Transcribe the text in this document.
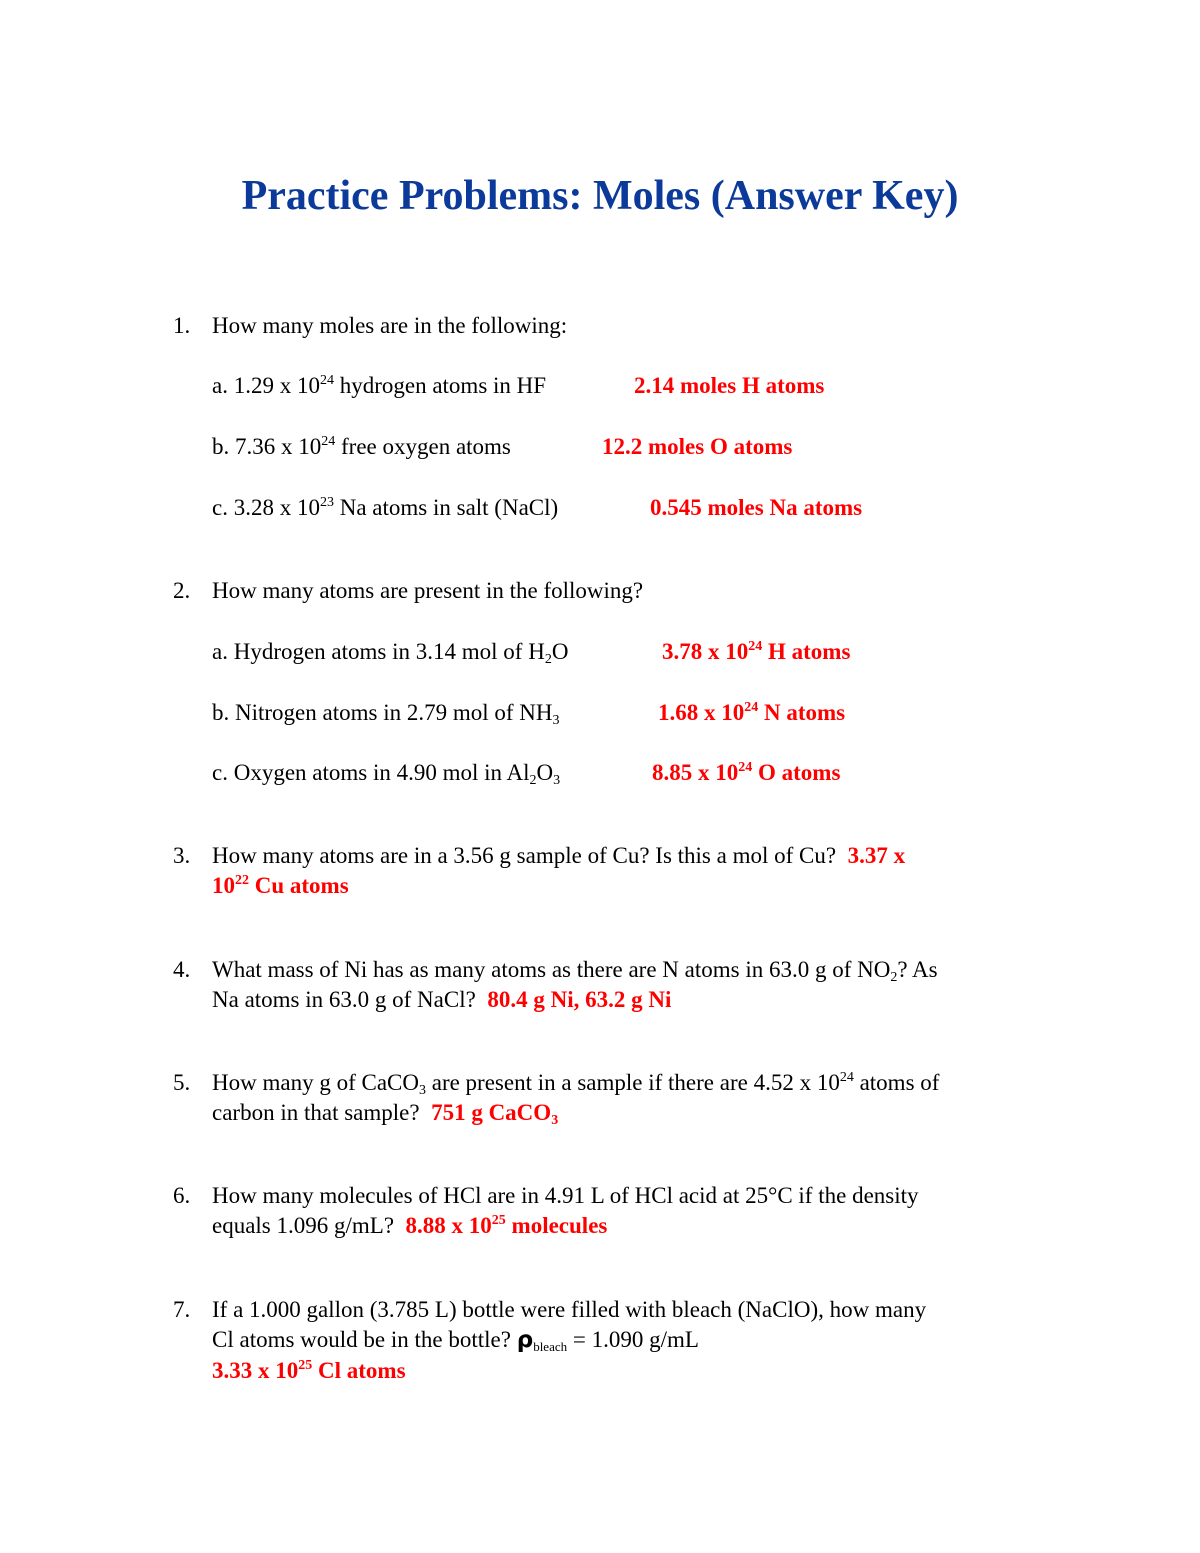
Practice Problems: Moles (Answer Key)
1. How many moles are in the following:
a. 1.29 x $10^{24}$ hydrogen atoms in HF	2.14 moles H atoms
b. 7.36 x $10^{24}$ free oxygen atoms	12.2 moles O atoms
c. 3.28 x $10^{23}$ Na atoms in salt (NaCl)	0.545 moles Na atoms
2. How many atoms are present in the following?
a. Hydrogen atoms in 3.14 mol of $H_2O$	3.78 x $10^{24}$ H atoms
b. Nitrogen atoms in 2.79 mol of $NH_3$	1.68 x $10^{24}$ N atoms
c. Oxygen atoms in 4.90 mol in $Al_2O_3$	8.85 x $10^{24}$ O atoms
3. How many atoms are in a 3.56 g sample of Cu? Is this a mol of Cu? 3.37 x
$10^{22}$ Cu atoms
4. What mass of Ni has as many atoms as there are N atoms in 63.0 g of $NO_2$? As
Na atoms in 63.0 g of NaCl? 80.4 g Ni, 63.2 g Ni
5. How many g of CaCO$_3$ are present in a sample if there are 4.52 x $10^{24}$ atoms of
carbon in that sample? 751 g CaCO$_3$
6. How many molecules of HCl are in 4.91 L of HCl acid at 25°C if the density
equals 1.096 g/mL? 8.88 x $10^{25}$ molecules
7. If a 1.000 gallon (3.785 L) bottle were filled with bleach (NaClO), how many
Cl atoms would be in the bottle? ρbleach = 1.090 g/mL
3.33 x $10^{25}$ Cl atoms
